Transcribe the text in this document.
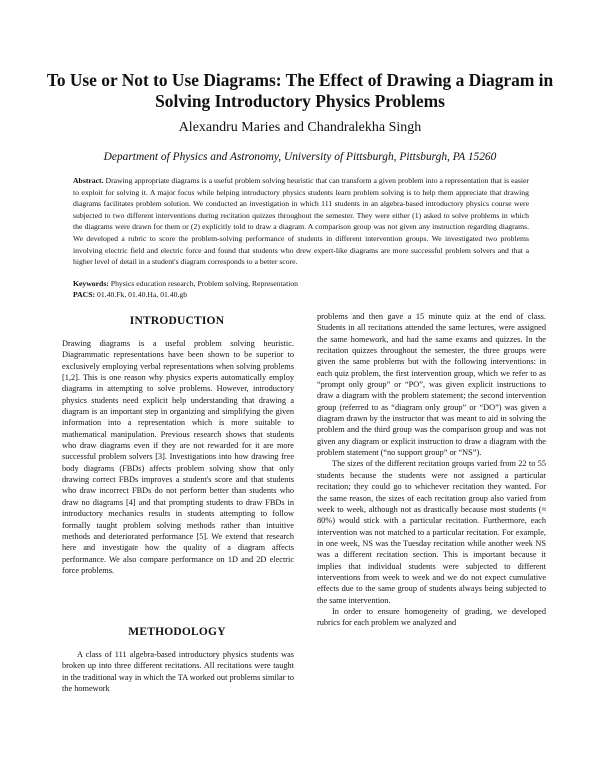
To Use or Not to Use Diagrams: The Effect of Drawing a Diagram in Solving Introductory Physics Problems
Alexandru Maries and Chandralekha Singh
Department of Physics and Astronomy, University of Pittsburgh, Pittsburgh, PA 15260

Abstract. Drawing appropriate diagrams is a useful problem solving heuristic that can transform a given problem into a representation that is easier to exploit for solving it. A major focus while helping introductory physics students learn problem solving is to help them appreciate that drawing diagrams facilitates problem solution. We conducted an investigation in which 111 students in an algebra-based introductory physics course were subjected to two different interventions during recitation quizzes throughout the semester. They were either (1) asked to solve problems in which the diagrams were drawn for them or (2) explicitly told to draw a diagram. A comparison group was not given any instruction regarding diagrams. We developed a rubric to score the problem-solving performance of students in different intervention groups. We investigated two problems involving electric field and electric force and found that students who drew expert-like diagrams are more successful problem solvers and that a higher level of detail in a student's diagram corresponds to a better score.

Keywords: Physics education research, Problem solving, Representation

PACS: 01.40.Fk, 01.40.Ha, 01.40.gb

INTRODUCTION

Drawing diagrams is a useful problem solving heuristic. Diagrammatic representations have been shown to be superior to exclusively employing verbal representations when solving problems [1,2]. This is one reason why physics experts automatically employ diagrams in attempting to solve problems. However, introductory physics students need explicit help understanding that drawing a diagram is an important step in organizing and simplifying the given information into a representation which is more suitable to mathematical manipulation. Previous research shows that students who draw diagrams even if they are not rewarded for it are more successful problem solvers [3]. Investigations into how drawing free body diagrams (FBDs) affects problem solving show that only drawing correct FBDs improves a student's score and that students who draw incorrect FBDs do not perform better than students who draw no diagrams [4] and that prompting students to draw FBDs in introductory mechanics results in students attempting to follow formally taught problem solving methods rather than intuitive methods and deteriorated performance [5]. We extend that research here and investigate how the quality of a diagram affects performance. We also compare performance on 1D and 2D electric force problems.

METHODOLOGY

A class of 111 algebra-based introductory physics students was broken up into three different recitations. All recitations were taught in the traditional way in which the TA worked out problems similar to the homework

problems and then gave a 15 minute quiz at the end of class. Students in all recitations attended the same lectures, were assigned the same homework, and had the same exams and quizzes. In the recitation quizzes throughout the semester, the three groups were given the same problems but with the following interventions: in each quiz problem, the first intervention group, which we refer to as “prompt only group” or “PO”, was given explicit instructions to draw a diagram with the problem statement; the second intervention group (referred to as “diagram only group” or “DO”) was given a diagram drawn by the instructor that was meant to aid in solving the problem and the third group was the comparison group and was not given any diagram or explicit instruction to draw a diagram with the problem statement (“no support group” or “NS”).

The sizes of the different recitation groups varied from 22 to 55 students because the students were not assigned a particular recitation; they could go to whichever recitation they wanted. For the same reason, the sizes of each recitation group also varied from week to week, although not as drastically because most students (≈ 80%) would stick with a particular recitation. Furthermore, each intervention was not matched to a particular recitation. For example, in one week, NS was the Tuesday recitation while another week NS was a different recitation section. This is important because it implies that individual students were subjected to different interventions from week to week and we do not expect cumulative effects due to the same group of students always being subjected to the same intervention.

In order to ensure homogeneity of grading, we developed rubrics for each problem we analyzed and
